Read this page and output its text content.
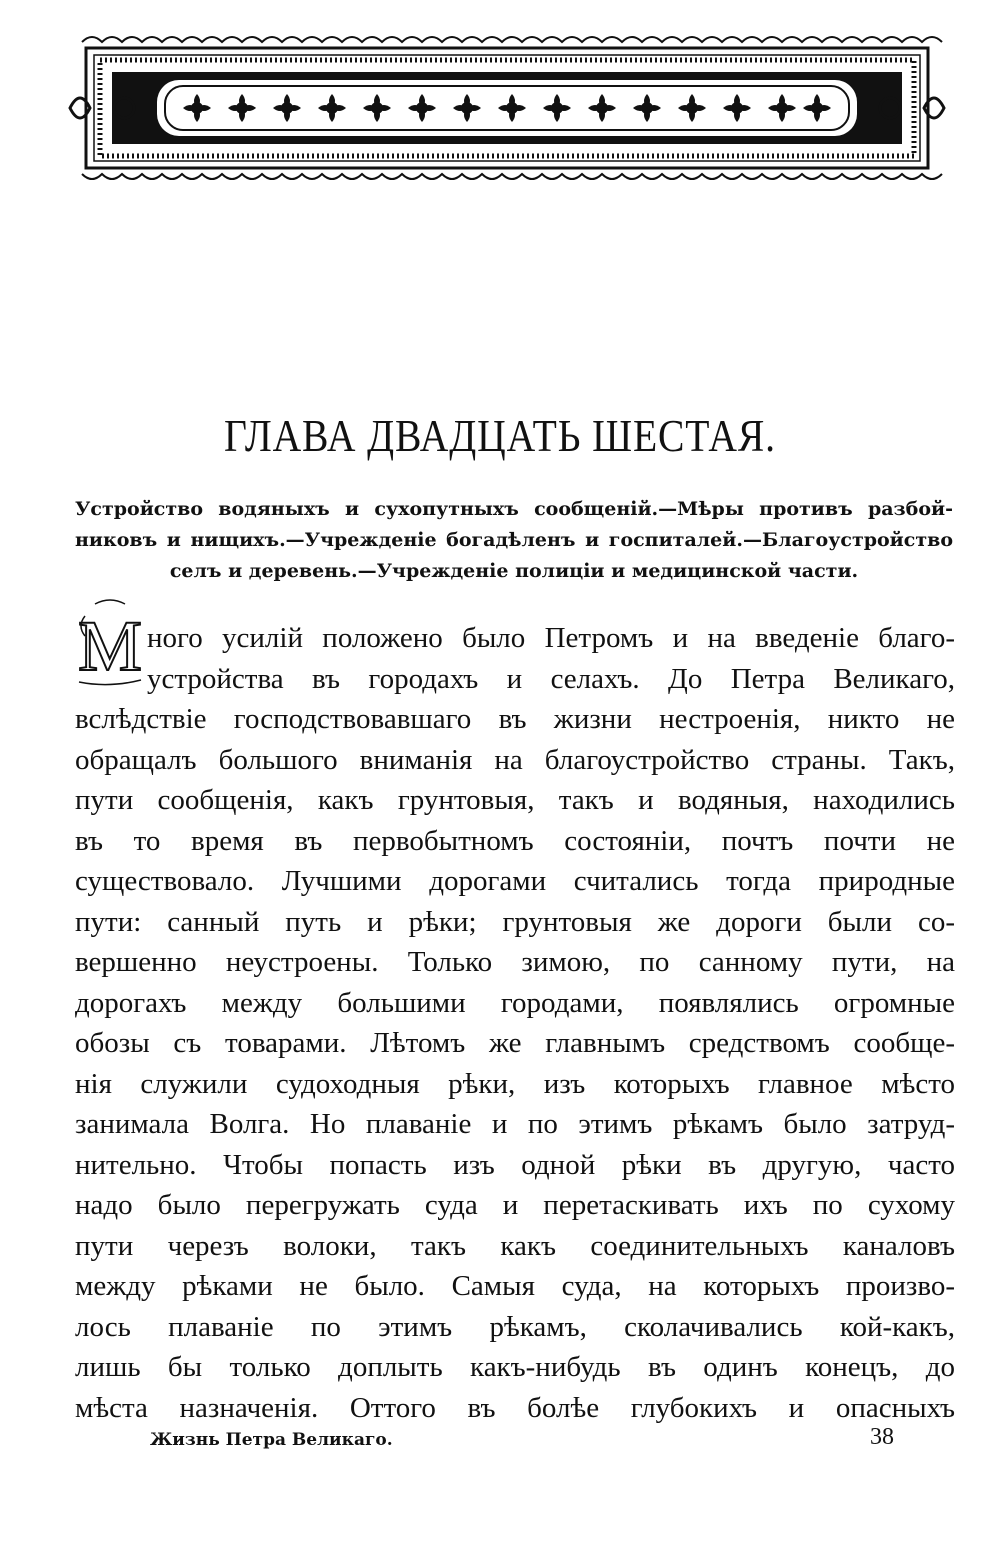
ГЛАВА ДВАДЦАТЬ ШЕСТАЯ.
Устройство водяныхъ и сухопутныхъ сообщеній.—Мѣры противъ разбой-
никовъ и нищихъ.—Учрежденіе богадѣленъ и госпиталей.—Благоустройство
селъ и деревень.—Учрежденіе полиціи и медицинской части.
М ного усилій положено было Петромъ и на введеніе благо-
устройства въ городахъ и селахъ. До Петра Великаго,
вслѣдствіе господствовавшаго въ жизни нестроенія, никто не
обращалъ большого вниманія на благоустройство страны. Такъ,
пути сообщенія, какъ грунтовыя, такъ и водяныя, находились
въ то время въ первобытномъ состояніи, почтъ почти не
существовало. Лучшими дорогами считались тогда природные
пути: санный путь и рѣки; грунтовыя же дороги были со-
вершенно неустроены. Только зимою, по санному пути, на
дорогахъ между большими городами, появлялись огромные
обозы съ товарами. Лѣтомъ же главнымъ средствомъ сообще-
нія служили судоходныя рѣки, изъ которыхъ главное мѣсто
занимала Волга. Но плаваніе и по этимъ рѣкамъ было затруд-
нительно. Чтобы попасть изъ одной рѣки въ другую, часто
надо было перегружать суда и перетаскивать ихъ по сухому
пути черезъ волоки, такъ какъ соединительныхъ каналовъ
между рѣками не было. Самыя суда, на которыхъ произво-
лось плаваніе по этимъ рѣкамъ, сколачивались кой-какъ,
лишь бы только доплыть какъ-нибудь въ одинъ конецъ, до
мѣста назначенія. Оттого въ болѣе глубокихъ и опасныхъ
Жизнь Петра Великаго.	38
